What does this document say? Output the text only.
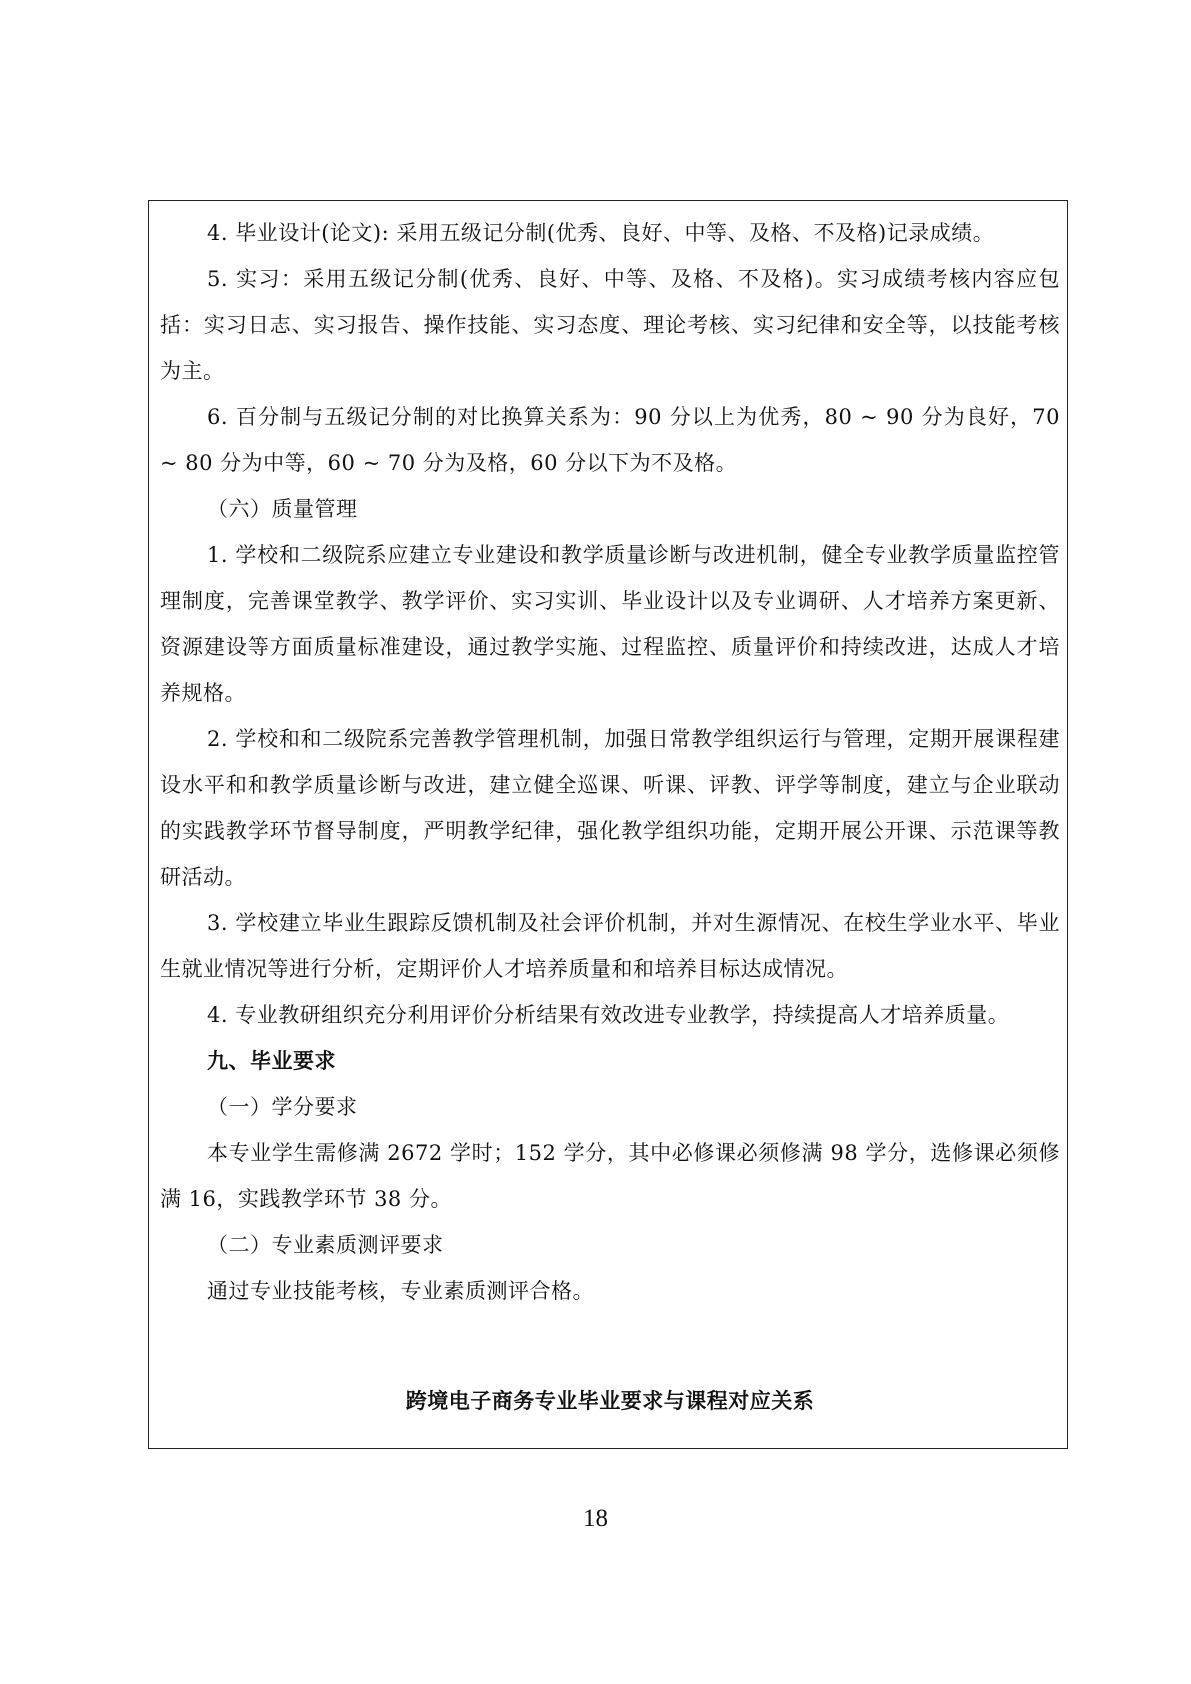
4. 毕业设计(论文): 采用五级记分制(优秀、良好、中等、及格、不及格)记录成绩。

5. 实习：采用五级记分制(优秀、良好、中等、及格、不及格)。实习成绩考核内容应包括：实习日志、实习报告、操作技能、实习态度、理论考核、实习纪律和安全等，以技能考核为主。

6. 百分制与五级记分制的对比换算关系为：90 分以上为优秀，80 ~ 90 分为良好，70 ~ 80 分为中等，60 ~ 70 分为及格，60 分以下为不及格。

（六）质量管理

1. 学校和二级院系应建立专业建设和教学质量诊断与改进机制，健全专业教学质量监控管理制度，完善课堂教学、教学评价、实习实训、毕业设计以及专业调研、人才培养方案更新、资源建设等方面质量标准建设，通过教学实施、过程监控、质量评价和持续改进，达成人才培养规格。

2. 学校和和二级院系完善教学管理机制，加强日常教学组织运行与管理，定期开展课程建设水平和和教学质量诊断与改进，建立健全巡课、听课、评教、评学等制度，建立与企业联动的实践教学环节督导制度，严明教学纪律，强化教学组织功能，定期开展公开课、示范课等教研活动。

3. 学校建立毕业生跟踪反馈机制及社会评价机制，并对生源情况、在校生学业水平、毕业生就业情况等进行分析，定期评价人才培养质量和和培养目标达成情况。

4. 专业教研组织充分利用评价分析结果有效改进专业教学，持续提高人才培养质量。

九、毕业要求

（一）学分要求

本专业学生需修满 2672 学时；152 学分，其中必修课必须修满 98 学分，选修课必须修满 16，实践教学环节 38 分。

（二）专业素质测评要求

通过专业技能考核，专业素质测评合格。

跨境电子商务专业毕业要求与课程对应关系

18
